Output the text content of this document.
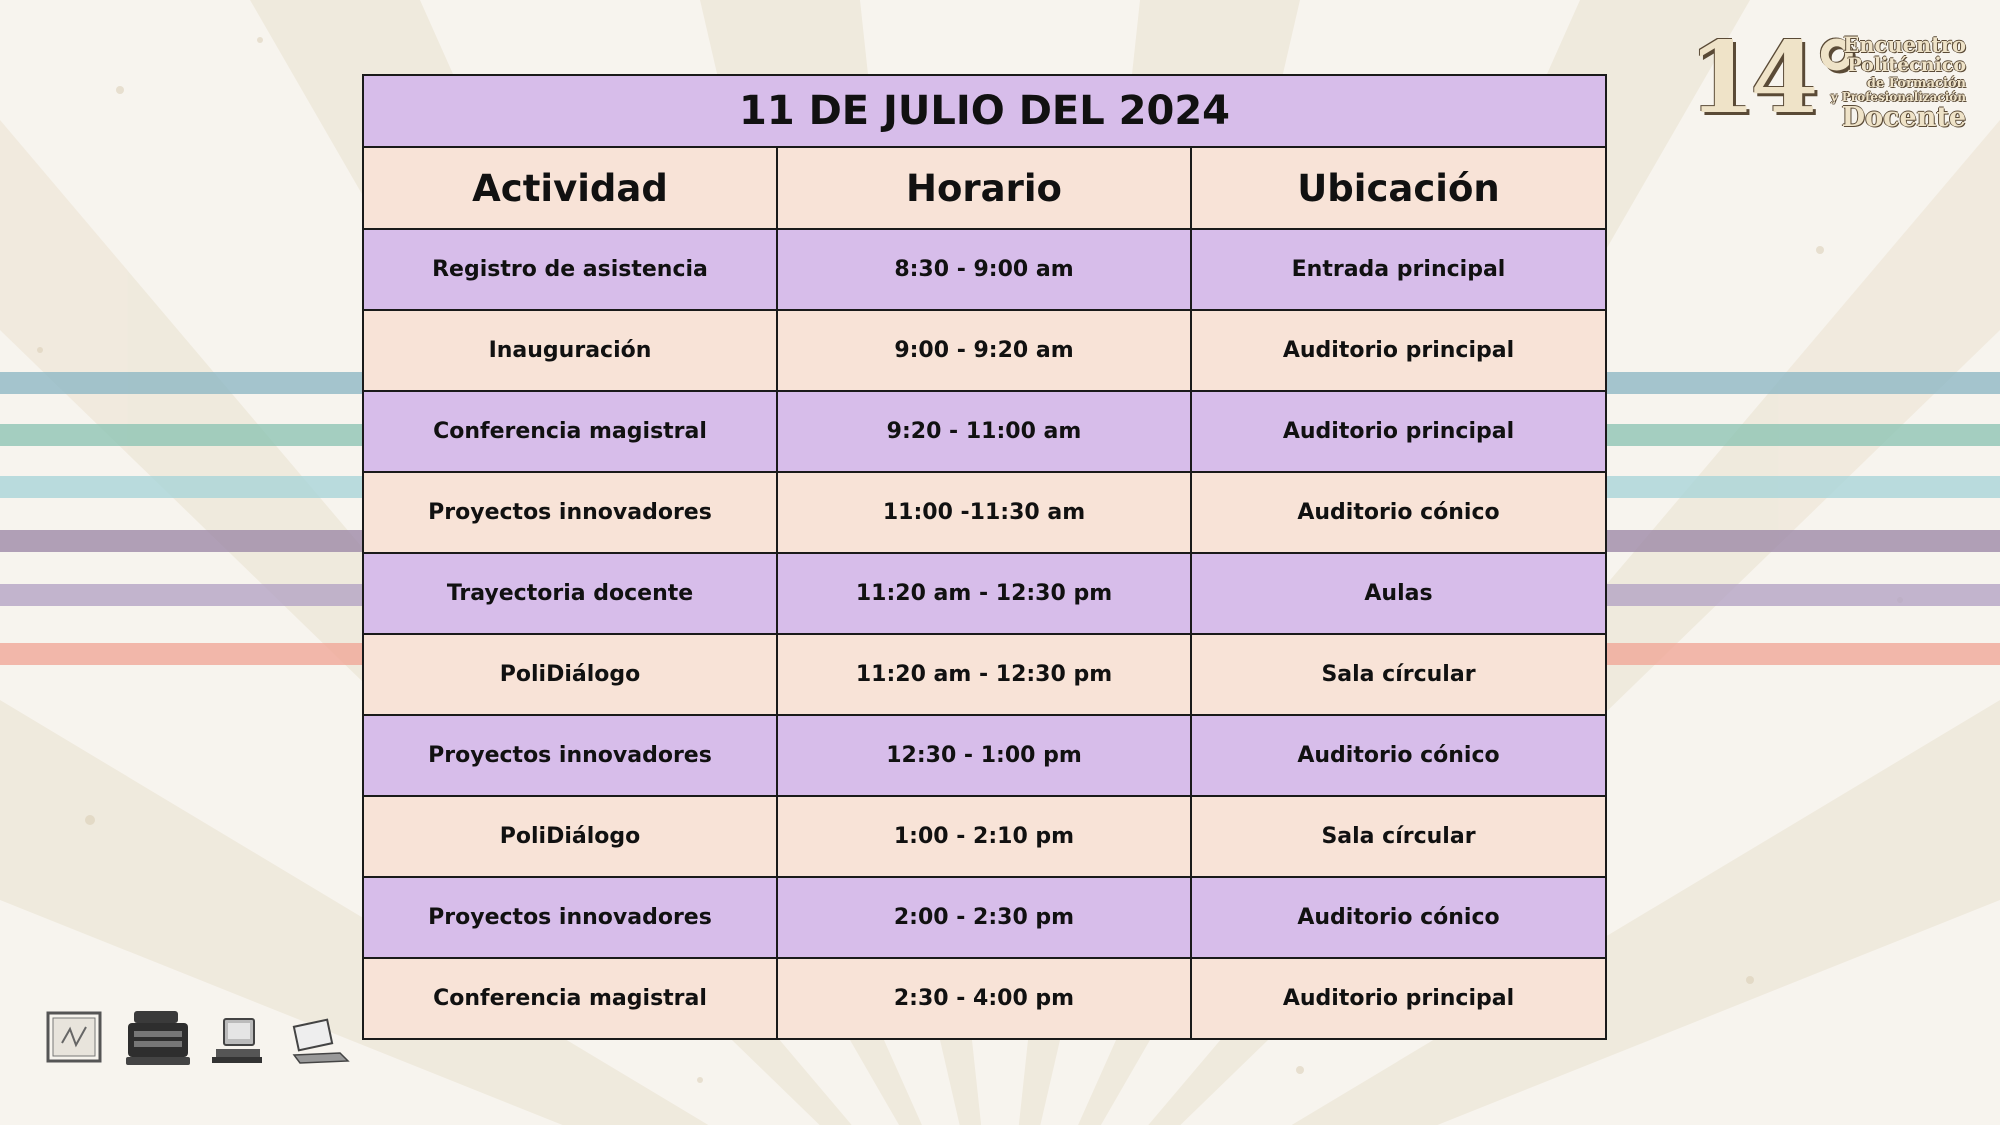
14°
Encuentro
Politécnico
de Formación
y Profesionalización
Docente
11 DE JULIO DEL 2024		
Actividad	Horario	Ubicación
Registro de asistencia	8:30 - 9:00 am	Entrada principal
Inauguración	9:00 - 9:20 am	Auditorio principal
Conferencia magistral	9:20 - 11:00 am	Auditorio principal
Proyectos innovadores	11:00 -11:30 am	Auditorio cónico
Trayectoria docente	11:20 am - 12:30 pm	Aulas
PoliDiálogo	11:20 am - 12:30 pm	Sala círcular
Proyectos innovadores	12:30 - 1:00 pm	Auditorio cónico
PoliDiálogo	1:00 - 2:10 pm	Sala círcular
Proyectos innovadores	2:00 - 2:30 pm	Auditorio cónico
Conferencia magistral	2:30 - 4:00 pm	Auditorio principal
